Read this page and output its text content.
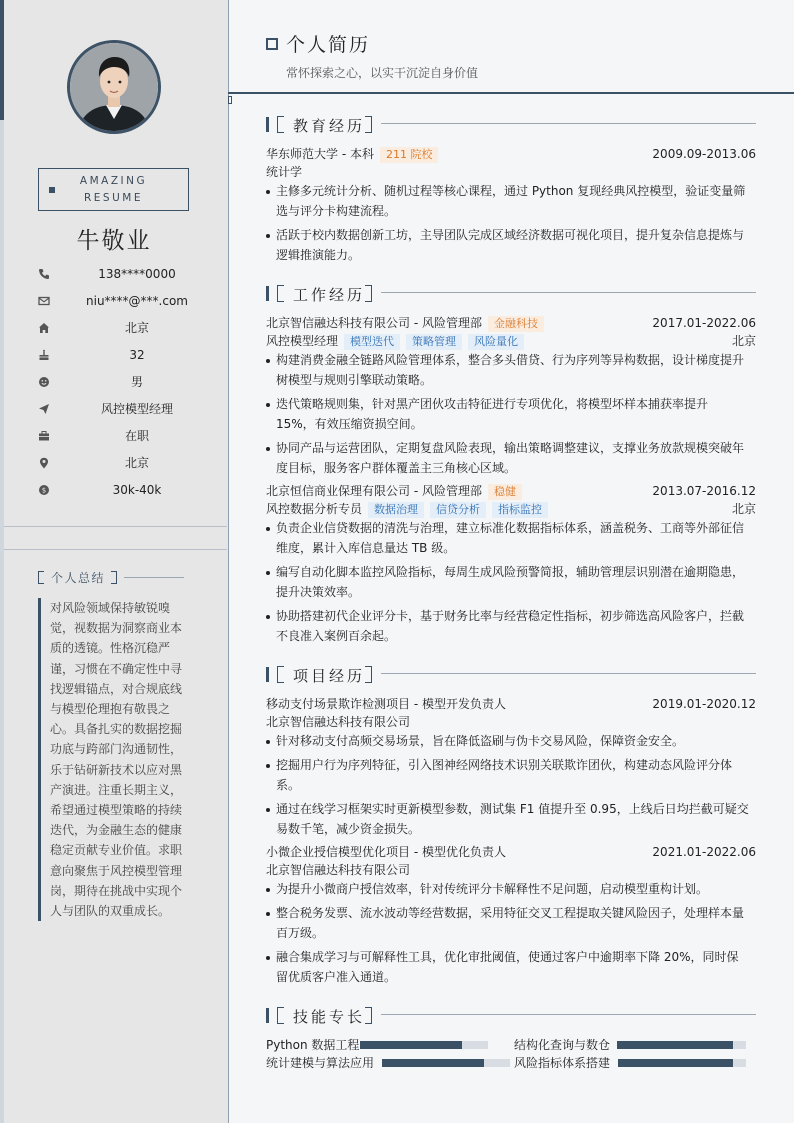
AMAZING
RESUME
牛敬业
138****0000
niu****@***.com
北京
32
男
风控模型经理
在职
北京
$	30k-40k
个人总结

对风险领域保持敏锐嗅觉，视数据为洞察商业本质的透镜。性格沉稳严谨，习惯在不确定性中寻找逻辑锚点，对合规底线与模型伦理抱有敬畏之心。具备扎实的数据挖掘功底与跨部门沟通韧性，乐于钻研新技术以应对黑产演进。注重长期主义，希望通过模型策略的持续迭代，为金融生态的健康稳定贡献专业价值。求职意向聚焦于风控模型管理岗，期待在挑战中实现个人与团队的双重成长。

个人简历
常怀探索之心，以实干沉淀自身价值
教育经历
华东师范大学 - 本科 211 院校	2009.09-2013.06
统计学
主修多元统计分析、随机过程等核心课程，通过 Python 复现经典风控模型，验证变量筛选与评分卡构建流程。
活跃于校内数据创新工坊，主导团队完成区域经济数据可视化项目，提升复杂信息提炼与逻辑推演能力。
工作经历
北京智信融达科技有限公司 - 风险管理部 金融科技	2017.01-2022.06
风控模型经理 模型迭代 策略管理 风险量化	北京
构建消费金融全链路风险管理体系，整合多头借贷、行为序列等异构数据，设计梯度提升树模型与规则引擎联动策略。
迭代策略规则集，针对黑产团伙攻击特征进行专项优化，将模型坏样本捕获率提升 15%，有效压缩资损空间。
协同产品与运营团队，定期复盘风险表现，输出策略调整建议，支撑业务放款规模突破年度目标，服务客户群体覆盖主三角核心区域。
北京恒信商业保理有限公司 - 风险管理部 稳健	2013.07-2016.12
风控数据分析专员 数据治理 信贷分析 指标监控	北京
负责企业信贷数据的清洗与治理，建立标准化数据指标体系，涵盖税务、工商等外部征信维度，累计入库信息量达 TB 级。
编写自动化脚本监控风险指标，每周生成风险预警简报，辅助管理层识别潜在逾期隐患，提升决策效率。
协助搭建初代企业评分卡，基于财务比率与经营稳定性指标，初步筛选高风险客户，拦截不良准入案例百余起。
项目经历
移动支付场景欺诈检测项目 - 模型开发负责人	2019.01-2020.12
北京智信融达科技有限公司
针对移动支付高频交易场景，旨在降低盗刷与伪卡交易风险，保障资金安全。
挖掘用户行为序列特征，引入图神经网络技术识别关联欺诈团伙，构建动态风险评分体系。
通过在线学习框架实时更新模型参数，测试集 F1 值提升至 0.95，上线后日均拦截可疑交易数千笔，减少资金损失。
小微企业授信模型优化项目 - 模型优化负责人	2021.01-2022.06
北京智信融达科技有限公司
为提升小微商户授信效率，针对传统评分卡解释性不足问题，启动模型重构计划。
整合税务发票、流水波动等经营数据，采用特征交叉工程提取关键风险因子，处理样本量百万级。
融合集成学习与可解释性工具，优化审批阈值，使通过客户中逾期率下降 20%，同时保留优质客户准入通道。
技能专长
Python 数据工程	结构化查询与数仓
统计建模与算法应用	风险指标体系搭建
